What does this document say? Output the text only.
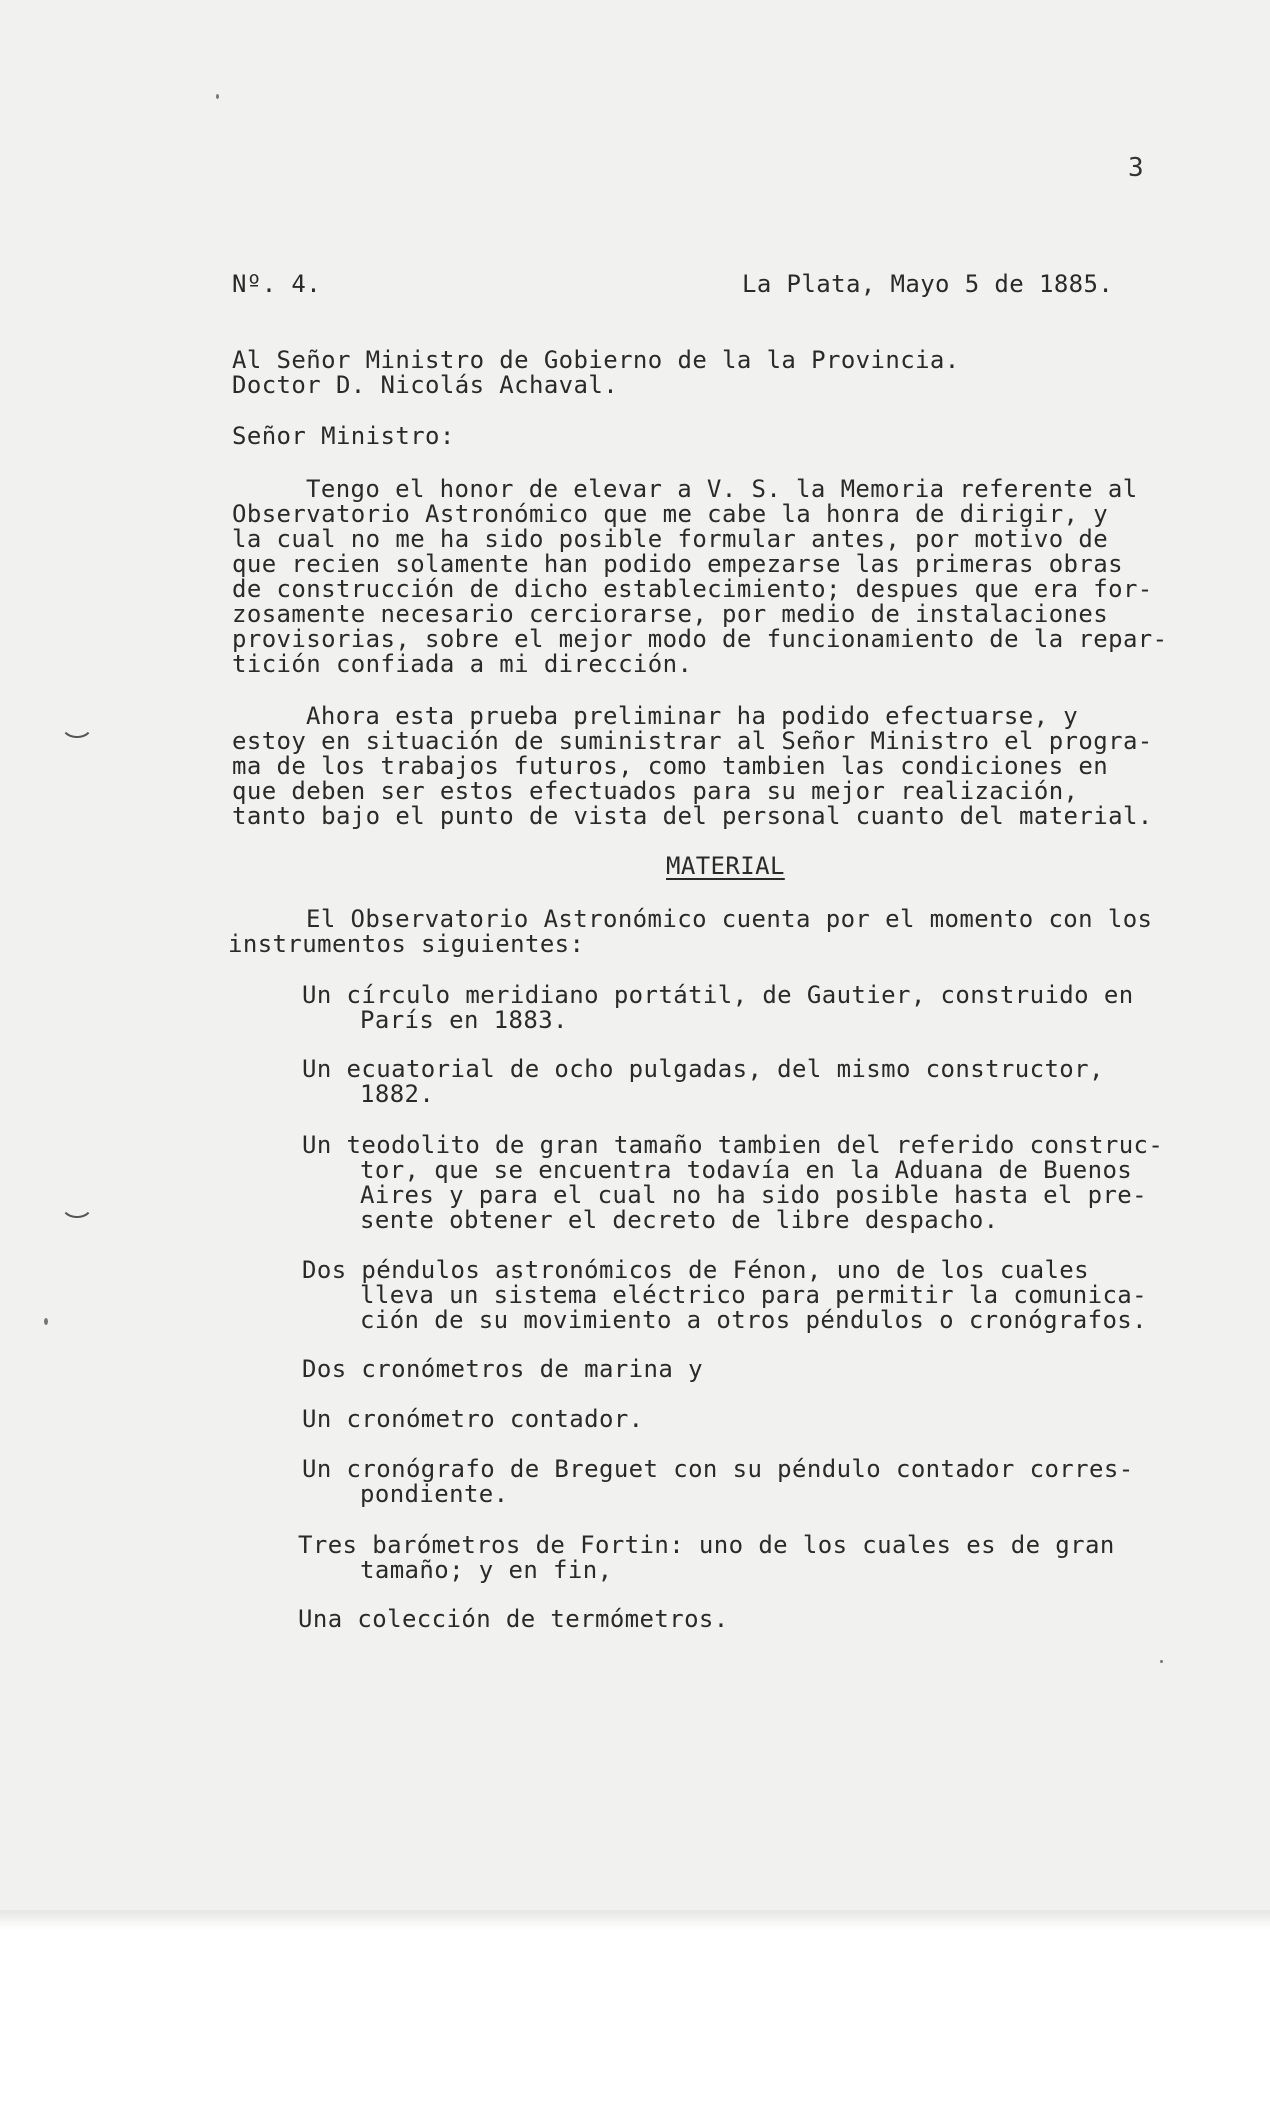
3
Nº. 4.	La Plata, Mayo 5 de 1885.
Al Señor Ministro de Gobierno de la la Provincia.
Doctor D. Nicolás Achaval.
Señor Ministro:
Tengo el honor de elevar a V. S. la Memoria referente al
Observatorio Astronómico que me cabe la honra de dirigir, y
la cual no me ha sido posible formular antes, por motivo de
que recien solamente han podido empezarse las primeras obras
de construcción de dicho establecimiento; despues que era for-
zosamente necesario cerciorarse, por medio de instalaciones
provisorias, sobre el mejor modo de funcionamiento de la repar-
tición confiada a mi dirección.
Ahora esta prueba preliminar ha podido efectuarse, y
estoy en situación de suministrar al Señor Ministro el progra-
ma de los trabajos futuros, como tambien las condiciones en
que deben ser estos efectuados para su mejor realización,
tanto bajo el punto de vista del personal cuanto del material.
MATERIAL
El Observatorio Astronómico cuenta por el momento con los
instrumentos siguientes:
Un círculo meridiano portátil, de Gautier, construido en
París en 1883.
Un ecuatorial de ocho pulgadas, del mismo constructor,
1882.
Un teodolito de gran tamaño tambien del referido construc-
tor, que se encuentra todavía en la Aduana de Buenos
Aires y para el cual no ha sido posible hasta el pre-
sente obtener el decreto de libre despacho.
Dos péndulos astronómicos de Fénon, uno de los cuales
lleva un sistema eléctrico para permitir la comunica-
ción de su movimiento a otros péndulos o cronógrafos.
Dos cronómetros de marina y
Un cronómetro contador.
Un cronógrafo de Breguet con su péndulo contador corres-
pondiente.
Tres barómetros de Fortin: uno de los cuales es de gran
tamaño; y en fin,
Una colección de termómetros.
